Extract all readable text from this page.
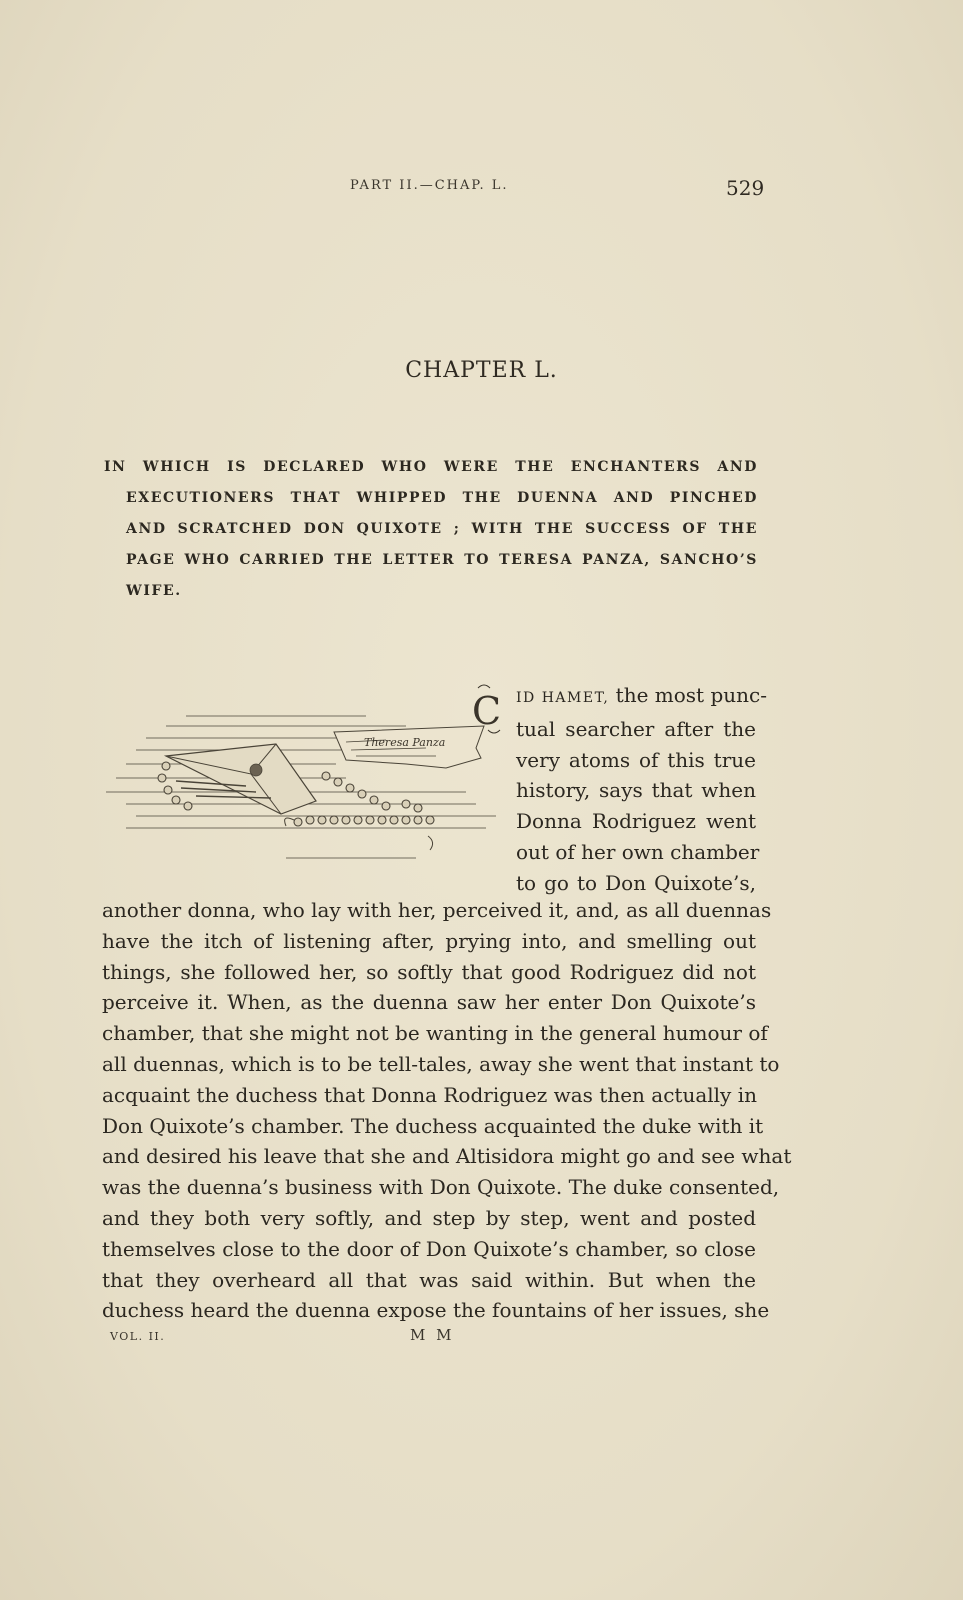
PART II.—CHAP. L.	529
CHAPTER L.
IN WHICH IS DECLARED WHO WERE THE ENCHANTERS AND
EXECUTIONERS THAT WHIPPED THE DUENNA AND PINCHED
AND SCRATCHED DON QUIXOTE ; WITH THE SUCCESS OF THE
PAGE WHO CARRIED THE LETTER TO TERESA PANZA, SANCHO’S
WIFE.
Theresa Panza
C ID HAMET, the most punc-
tual searcher after the
very atoms of this true
history, says that when
Donna Rodriguez went
out of her own chamber
to go to Don Quixote’s,
another donna, who lay with her, perceived it, and, as all duennas
have the itch of listening after, prying into, and smelling out
things, she followed her, so softly that good Rodriguez did not
perceive it. When, as the duenna saw her enter Don Quixote’s
chamber, that she might not be wanting in the general humour of
all duennas, which is to be tell-tales, away she went that instant to
acquaint the duchess that Donna Rodriguez was then actually in
Don Quixote’s chamber. The duchess acquainted the duke with it
and desired his leave that she and Altisidora might go and see what
was the duenna’s business with Don Quixote. The duke consented,
and they both very softly, and step by step, went and posted
themselves close to the door of Don Quixote’s chamber, so close
that they overheard all that was said within. But when the
duchess heard the duenna expose the fountains of her issues, she
VOL. II.	M M
